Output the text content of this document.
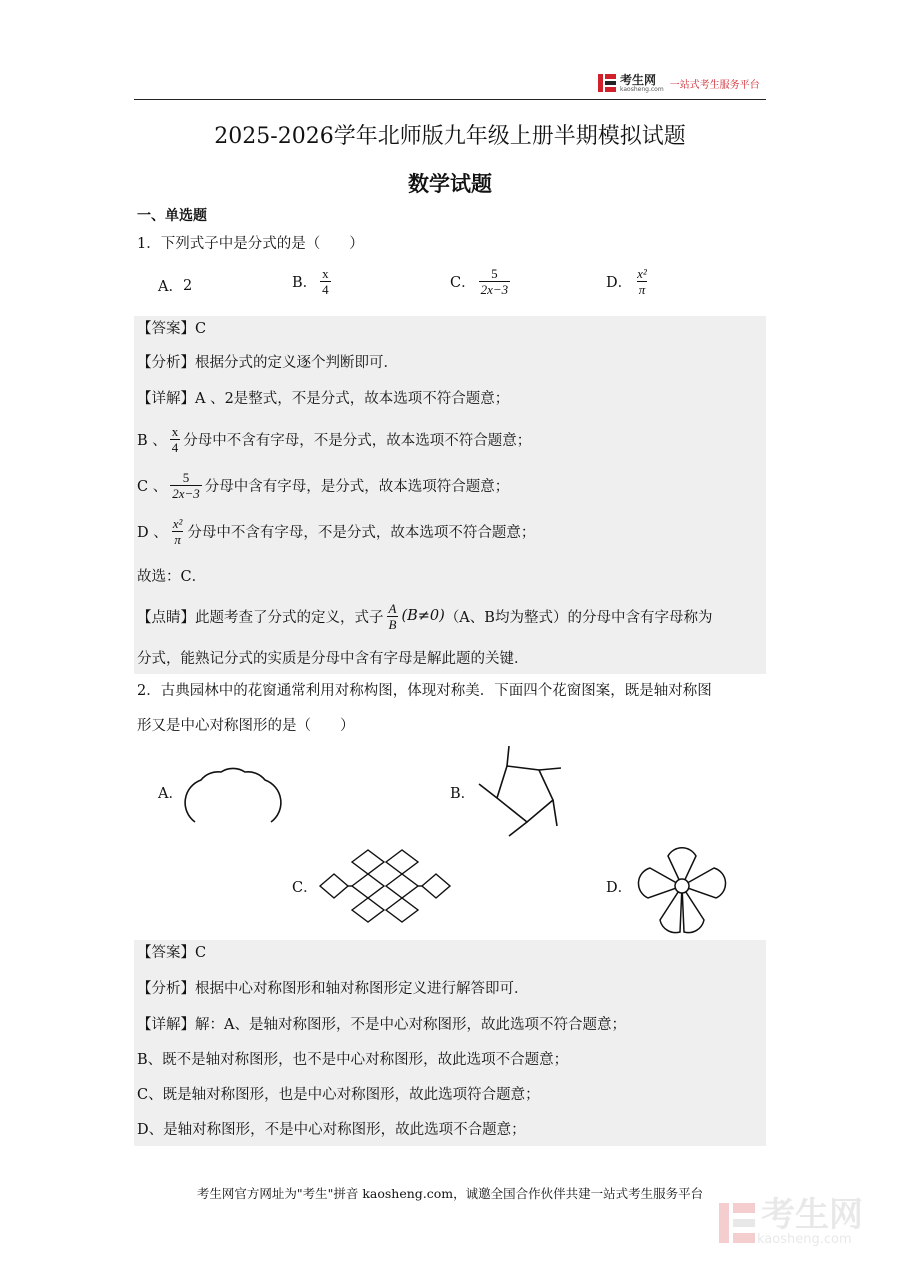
考生网
kaosheng.com 一站式考生服务平台
2025-2026学年北师版九年级上册半期模拟试题
数学试题
一、单选题
1．下列式子中是分式的是（　　）
A． 2	B． $\frac{x}{4}$	C． $\frac{5}{2x-3}$	D． $\frac{\text{x²}}{\pi}$
【答案】C
【分析】根据分式的定义逐个判断即可．
【详解】A 、2是整式，不是分式，故本选项不符合题意；
B 、 $\frac{x}{4}$ 分母中不含有字母，不是分式，故本选项不符合题意；
C 、 $\frac{5}{2x-3}$ 分母中含有字母，是分式，故本选项符合题意；
D 、 $\frac{\text{x²}}{\pi}$ 分母中不含有字母，不是分式，故本选项不符合题意；
故选：C．
【点睛】此题考查了分式的定义，式子 $\frac{A}{B} (B\ne 0)$ （A、B均为整式）的分母中含有字母称为
分式，能熟记分式的实质是分母中含有字母是解此题的关键．
2．古典园林中的花窗通常利用对称构图，体现对称美．下面四个花窗图案，既是轴对称图
形又是中心对称图形的是（　　）
A．	B．
C．	D．
【答案】C
【分析】根据中心对称图形和轴对称图形定义进行解答即可．
【详解】解：A、是轴对称图形，不是中心对称图形，故此选项不符合题意；
B、既不是轴对称图形，也不是中心对称图形，故此选项不合题意；
C、既是轴对称图形，也是中心对称图形，故此选项符合题意；
D、是轴对称图形，不是中心对称图形，故此选项不合题意；
考生网官方网址为"考生"拼音 kaosheng.com，诚邀全国合作伙伴共建一站式考生服务平台
考生网
kaosheng.com
